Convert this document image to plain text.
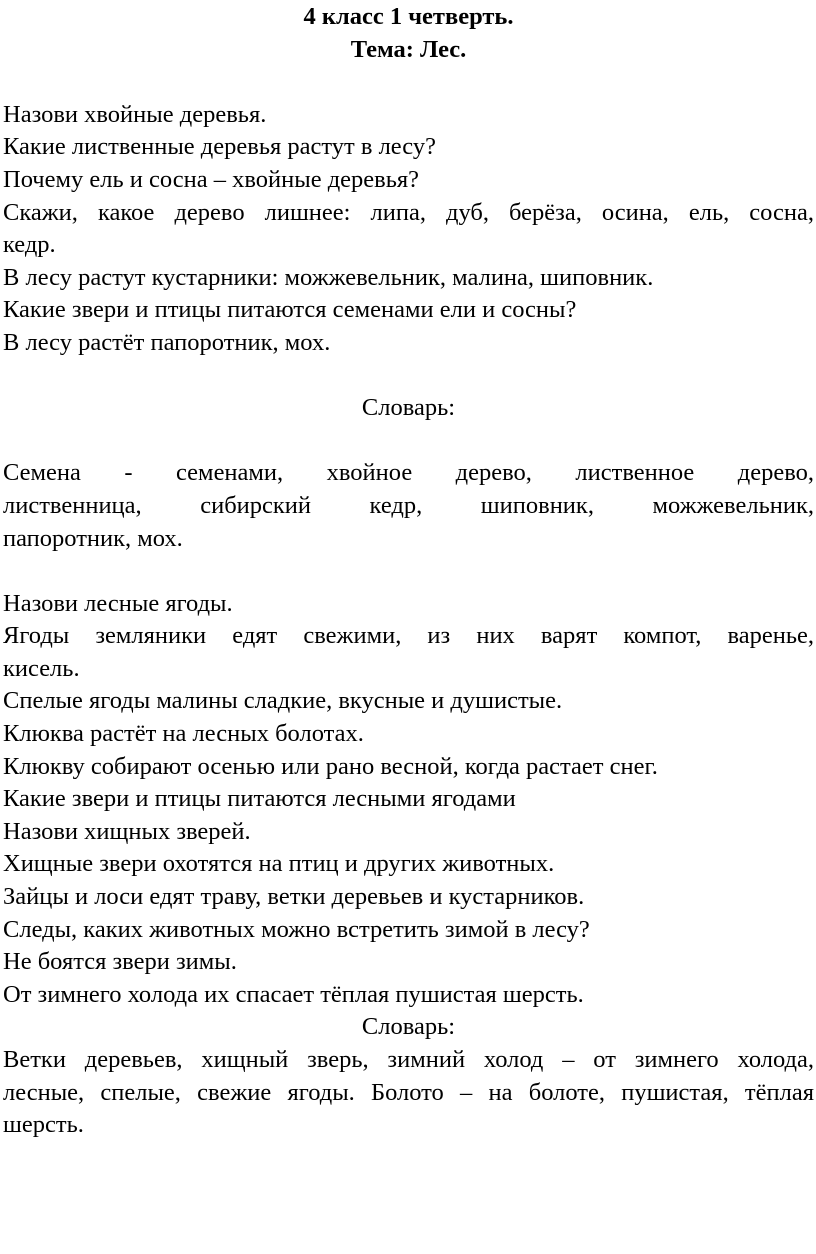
4 класс 1 четверть.
Тема: Лес.
Назови хвойные деревья.
Какие лиственные деревья растут в лесу?
Почему ель и сосна – хвойные деревья?
Скажи, какое дерево лишнее: липа, дуб, берёза, осина, ель, сосна,
кедр.
В лесу растут кустарники: можжевельник, малина, шиповник.
Какие звери и птицы питаются семенами ели и сосны?
В лесу растёт папоротник, мох.
Словарь:
Семена - семенами, хвойное дерево, лиственное дерево,
лиственница, сибирский кедр, шиповник, можжевельник,
папоротник, мох.
Назови лесные ягоды.
Ягоды земляники едят свежими, из них варят компот, варенье,
кисель.
Спелые ягоды малины сладкие, вкусные и душистые.
Клюква растёт на лесных болотах.
Клюкву собирают осенью или рано весной, когда растает снег.
Какие звери и птицы питаются лесными ягодами
Назови хищных зверей.
Хищные звери охотятся на птиц и других животных.
Зайцы и лоси едят траву, ветки деревьев и кустарников.
Следы, каких животных можно встретить зимой в лесу?
Не боятся звери зимы.
От зимнего холода их спасает тёплая пушистая шерсть.
Словарь:
Ветки деревьев, хищный зверь, зимний холод – от зимнего холода,
лесные, спелые, свежие ягоды. Болото – на болоте, пушистая, тёплая
шерсть.
